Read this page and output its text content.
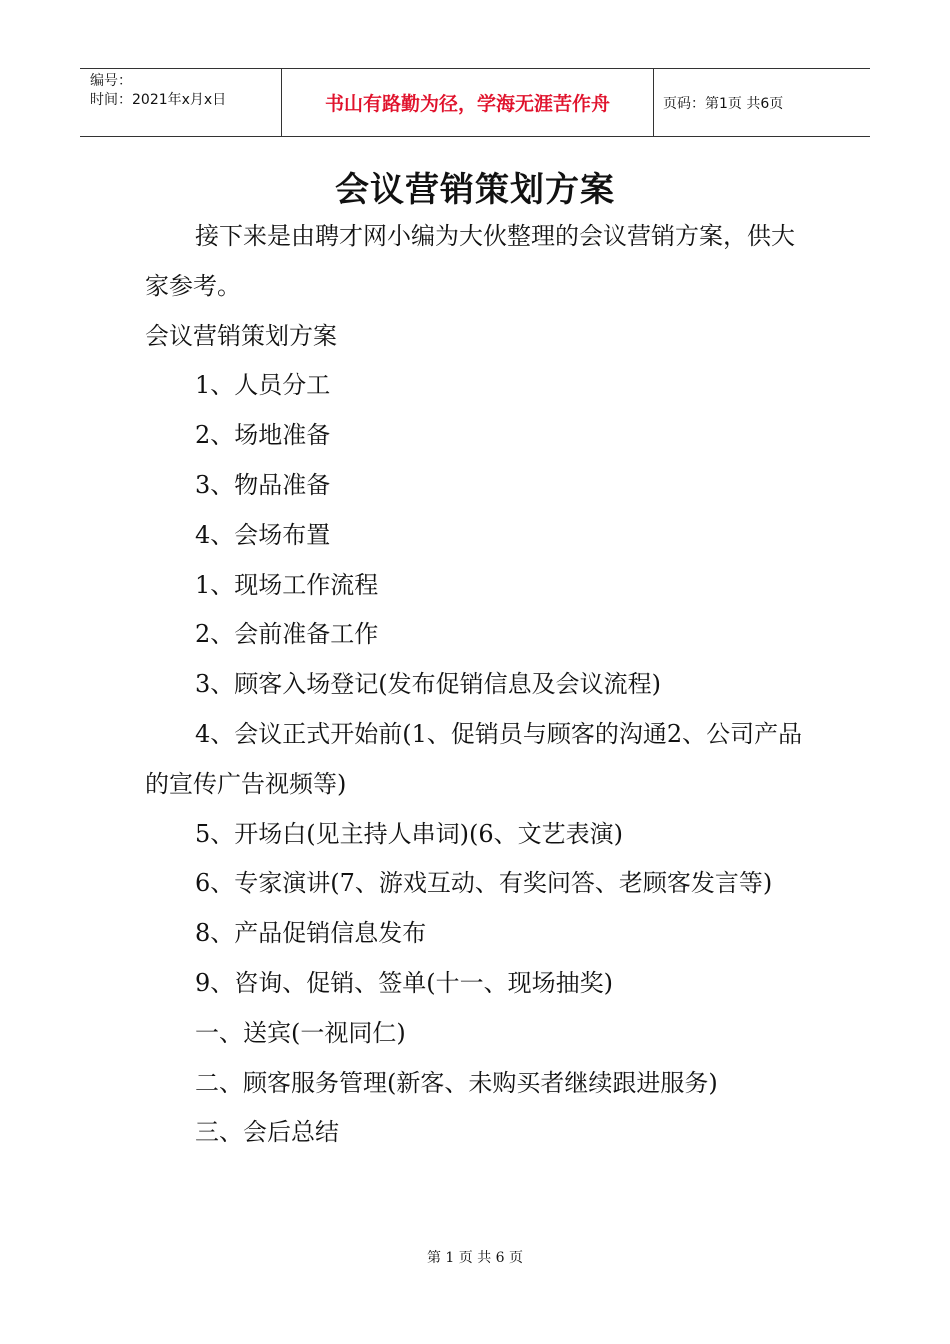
编号：
时间：2021年x月x日	书山有路勤为径，学海无涯苦作舟	页码：第1页 共6页
会议营销策划方案

接下来是由聘才网小编为大伙整理的会议营销方案，供大家参考。

会议营销策划方案

1、人员分工

2、场地准备

3、物品准备

4、会场布置

1、现场工作流程

2、会前准备工作

3、顾客入场登记(发布促销信息及会议流程)

4、会议正式开始前(1、促销员与顾客的沟通2、公司产品的宣传广告视频等)

5、开场白(见主持人串词)(6、文艺表演)

6、专家演讲(7、游戏互动、有奖问答、老顾客发言等)

8、产品促销信息发布

9、咨询、促销、签单(十一、现场抽奖)

一、送宾(一视同仁)

二、顾客服务管理(新客、未购买者继续跟进服务)

三、会后总结

第 1 页 共 6 页
